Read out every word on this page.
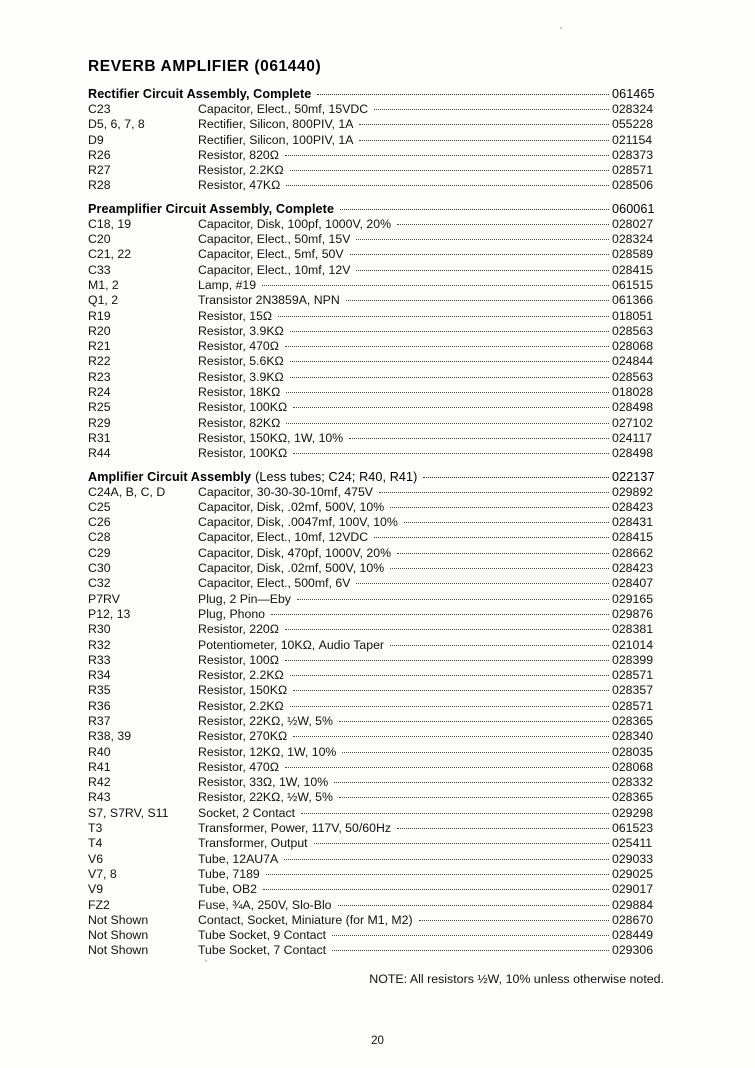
REVERB AMPLIFIER (061440)
Rectifier Circuit Assembly, Complete	061465
C23	Capacitor, Elect., 50mf, 15VDC	028324
D5, 6, 7, 8	Rectifier, Silicon, 800PIV, 1A	055228
D9	Rectifier, Silicon, 100PIV, 1A	021154
R26	Resistor, 820Ω	028373
R27	Resistor, 2.2KΩ	028571
R28	Resistor, 47KΩ	028506
Preamplifier Circuit Assembly, Complete	060061
C18, 19	Capacitor, Disk, 100pf, 1000V, 20%	028027
C20	Capacitor, Elect., 50mf, 15V	028324
C21, 22	Capacitor, Elect., 5mf, 50V	028589
C33	Capacitor, Elect., 10mf, 12V	028415
M1, 2	Lamp, #19	061515
Q1, 2	Transistor 2N3859A, NPN	061366
R19	Resistor, 15Ω	018051
R20	Resistor, 3.9KΩ	028563
R21	Resistor, 470Ω	028068
R22	Resistor, 5.6KΩ	024844
R23	Resistor, 3.9KΩ	028563
R24	Resistor, 18KΩ	018028
R25	Resistor, 100KΩ	028498
R29	Resistor, 82KΩ	027102
R31	Resistor, 150KΩ, 1W, 10%	024117
R44	Resistor, 100KΩ	028498
Amplifier Circuit Assembly (Less tubes; C24; R40, R41)	022137
C24A, B, C, D	Capacitor, 30-30-30-10mf, 475V	029892
C25	Capacitor, Disk, .02mf, 500V, 10%	028423
C26	Capacitor, Disk, .0047mf, 100V, 10%	028431
C28	Capacitor, Elect., 10mf, 12VDC	028415
C29	Capacitor, Disk, 470pf, 1000V, 20%	028662
C30	Capacitor, Disk, .02mf, 500V, 10%	028423
C32	Capacitor, Elect., 500mf, 6V	028407
P7RV	Plug, 2 Pin—Eby	029165
P12, 13	Plug, Phono	029876
R30	Resistor, 220Ω	028381
R32	Potentiometer, 10KΩ, Audio Taper	021014
R33	Resistor, 100Ω	028399
R34	Resistor, 2.2KΩ	028571
R35	Resistor, 150KΩ	028357
R36	Resistor, 2.2KΩ	028571
R37	Resistor, 22KΩ, ½W, 5%	028365
R38, 39	Resistor, 270KΩ	028340
R40	Resistor, 12KΩ, 1W, 10%	028035
R41	Resistor, 470Ω	028068
R42	Resistor, 33Ω, 1W, 10%	028332
R43	Resistor, 22KΩ, ½W, 5%	028365
S7, S7RV, S11	Socket, 2 Contact	029298
T3	Transformer, Power, 117V, 50/60Hz	061523
T4	Transformer, Output	025411
V6	Tube, 12AU7A	029033
V7, 8	Tube, 7189	029025
V9	Tube, OB2	029017
FZ2	Fuse, ¾A, 250V, Slo-Blo	029884
Not Shown	Contact, Socket, Miniature (for M1, M2)	028670
Not Shown	Tube Socket, 9 Contact	028449
Not Shown	Tube Socket, 7 Contact	029306
NOTE: All resistors ½W, 10% unless otherwise noted.
20
